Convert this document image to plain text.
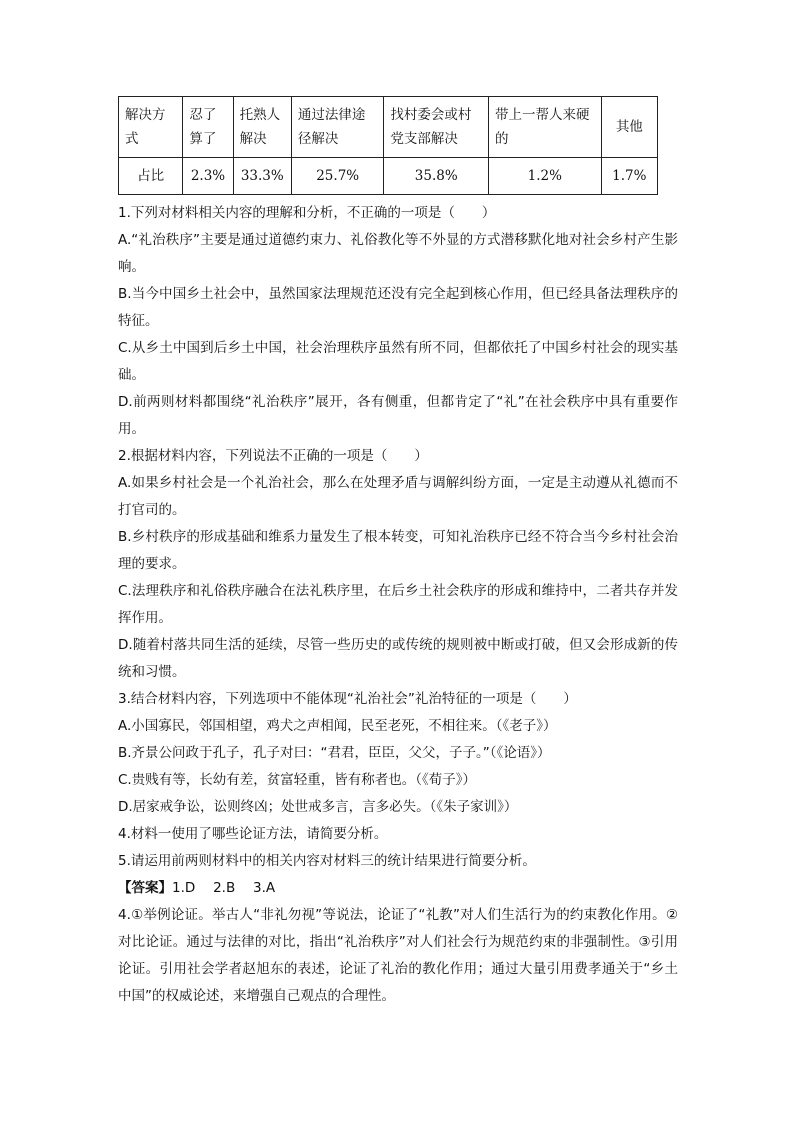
解决方式	忍了算了	托熟人解决	通过法律途径解决	找村委会或村党支部解决	带上一帮人来硬的	其他
占比	2.3%	33.3%	25.7%	35.8%	1.2%	1.7%

1.下列对材料相关内容的理解和分析，不正确的一项是（　　）

A.“礼治秩序”主要是通过道德约束力、礼俗教化等不外显的方式潜移默化地对社会乡村产生影响。

B.当今中国乡土社会中，虽然国家法理规范还没有完全起到核心作用，但已经具备法理秩序的特征。

C.从乡土中国到后乡土中国，社会治理秩序虽然有所不同，但都依托了中国乡村社会的现实基础。

D.前两则材料都围绕“礼治秩序”展开，各有侧重，但都肯定了“礼”在社会秩序中具有重要作用。

2.根据材料内容，下列说法不正确的一项是（　　）

A.如果乡村社会是一个礼治社会，那么在处理矛盾与调解纠纷方面，一定是主动遵从礼德而不打官司的。

B.乡村秩序的形成基础和维系力量发生了根本转变，可知礼治秩序已经不符合当今乡村社会治理的要求。

C.法理秩序和礼俗秩序融合在法礼秩序里，在后乡土社会秩序的形成和维持中，二者共存并发挥作用。

D.随着村落共同生活的延续，尽管一些历史的或传统的规则被中断或打破，但又会形成新的传统和习惯。

3.结合材料内容，下列选项中不能体现“礼治社会”礼治特征的一项是（　　）

A.小国寡民，邻国相望，鸡犬之声相闻，民至老死，不相往来。（《老子》）

B.齐景公问政于孔子，孔子对曰：“君君，臣臣，父父，子子。”（《论语》）

C.贵贱有等，长幼有差，贫富轻重，皆有称者也。（《荀子》）

D.居家戒争讼，讼则终凶；处世戒多言，言多必失。（《朱子家训》）

4.材料一使用了哪些论证方法，请简要分析。

5.请运用前两则材料中的相关内容对材料三的统计结果进行简要分析。

【答案】1.D　 2.B　 3.A

4.①举例论证。举古人“非礼勿视”等说法，论证了“礼教”对人们生活行为的约束教化作用。②对比论证。通过与法律的对比，指出“礼治秩序”对人们社会行为规范约束的非强制性。③引用论证。引用社会学者赵旭东的表述，论证了礼治的教化作用；通过大量引用费孝通关于“乡土中国”的权威论述，来增强自己观点的合理性。
